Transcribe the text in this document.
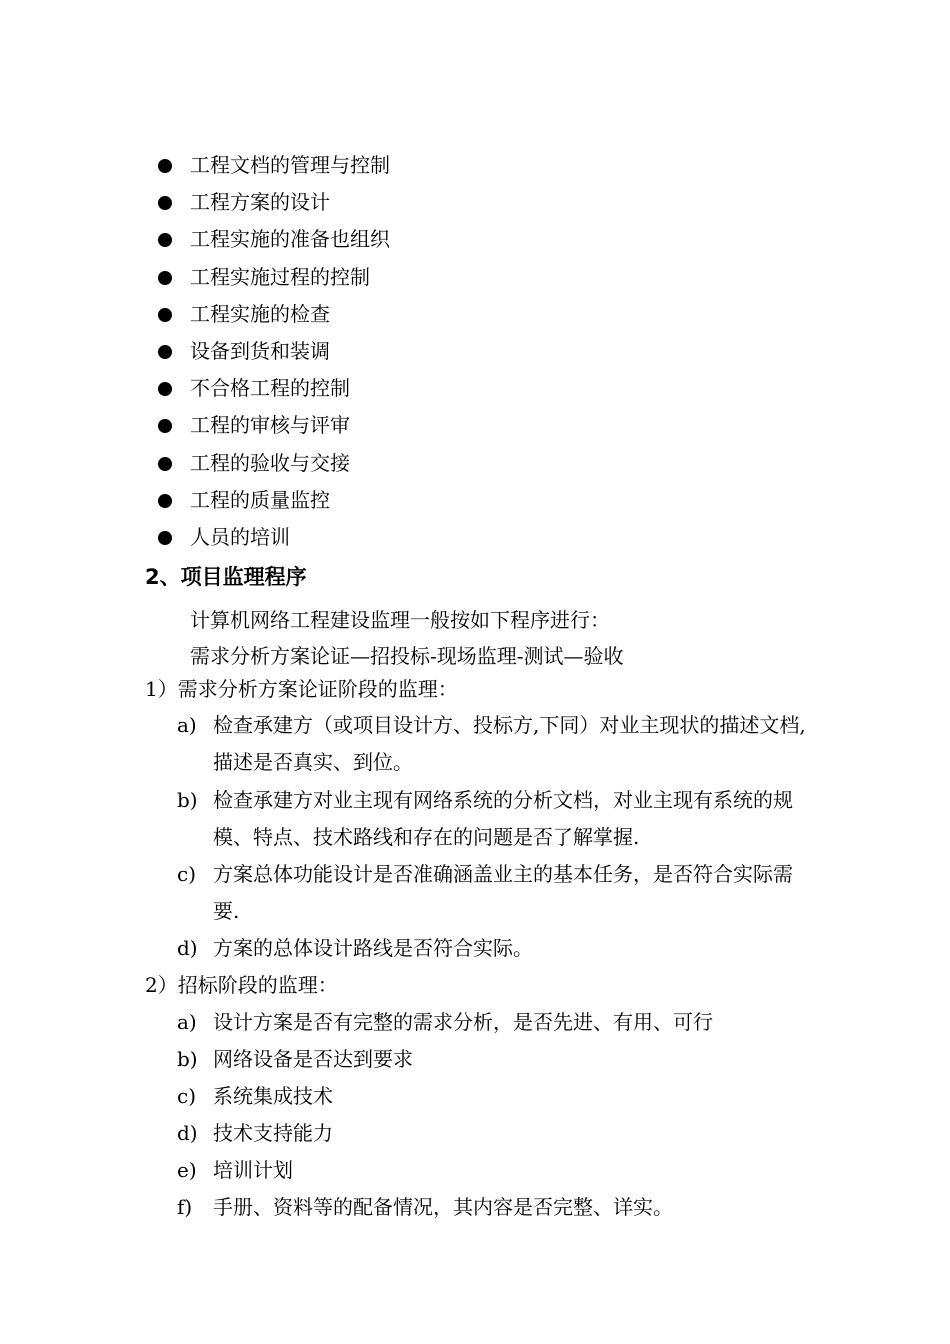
工程文档的管理与控制
工程方案的设计
工程实施的准备也组织
工程实施过程的控制
工程实施的检查
设备到货和装调
不合格工程的控制
工程的审核与评审
工程的验收与交接
工程的质量监控
人员的培训
2、项目监理程序
计算机网络工程建设监理一般按如下程序进行：
需求分析方案论证—招投标-现场监理-测试—验收
1）需求分析方案论证阶段的监理：
a) 检查承建方（或项目设计方、投标方,下同）对业主现状的描述文档,描述是否真实、到位。
b) 检查承建方对业主现有网络系统的分析文档，对业主现有系统的规模、特点、技术路线和存在的问题是否了解掌握.
c) 方案总体功能设计是否准确涵盖业主的基本任务，是否符合实际需要.
d) 方案的总体设计路线是否符合实际。
2）招标阶段的监理：
a) 设计方案是否有完整的需求分析，是否先进、有用、可行
b) 网络设备是否达到要求
c) 系统集成技术
d) 技术支持能力
e) 培训计划
f) 手册、资料等的配备情况，其内容是否完整、详实。
